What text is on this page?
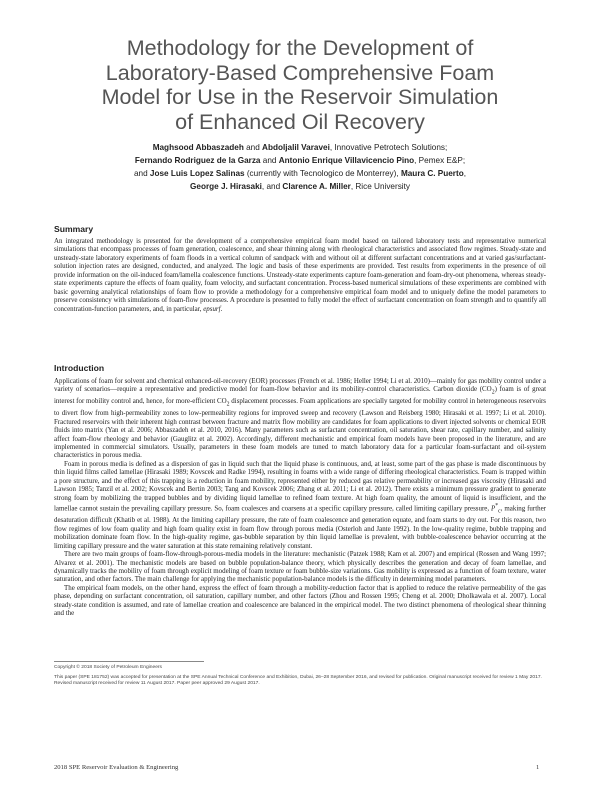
Methodology for the Development of
Laboratory-Based Comprehensive Foam
Model for Use in the Reservoir Simulation
of Enhanced Oil Recovery
Maghsood Abbaszadeh and Abdoljalil Varavei, Innovative Petrotech Solutions;
Fernando Rodriguez de la Garza and Antonio Enrique Villavicencio Pino, Pemex E&P;
and Jose Luis Lopez Salinas (currently with Tecnologico de Monterrey), Maura C. Puerto,
George J. Hirasaki, and Clarence A. Miller, Rice University
Summary

An integrated methodology is presented for the development of a comprehensive empirical foam model based on tailored laboratory tests and representative numerical simulations that encompass processes of foam generation, coalescence, and shear thinning along with rheological characteristics and associated flow regimes. Steady-state and unsteady-state laboratory experiments of foam floods in a vertical column of sandpack with and without oil at different surfactant concentrations and at varied gas/surfactant-solution injection rates are designed, conducted, and analyzed. The logic and basis of these experiments are provided. Test results from experiments in the presence of oil provide information on the oil-induced foam/lamella coalescence functions. Unsteady-state experiments capture foam-generation and foam-dry-out phenomena, whereas steady-state experiments capture the effects of foam quality, foam velocity, and surfactant concentration. Process-based numerical simulations of these experiments are combined with basic governing analytical relationships of foam flow to provide a methodology for a comprehensive empirical foam model and to uniquely define the model parameters to preserve consistency with simulations of foam-flow processes. A procedure is presented to fully model the effect of surfactant concentration on foam strength and to quantify all concentration-function parameters, and, in particular, epsurf.

Introduction

Applications of foam for solvent and chemical enhanced-oil-recovery (EOR) processes (French et al. 1986; Heller 1994; Li et al. 2010)—mainly for gas mobility control under a variety of scenarios—require a representative and predictive model for foam-flow behavior and its mobility-control characteristics. Carbon dioxide $(CO_2)$ foam is of great interest for mobility control and, hence, for more-efficient $CO_2$ displacement processes. Foam applications are specially targeted for mobility control in heterogeneous reservoirs to divert flow from high-permeability zones to low-permeability regions for improved sweep and recovery (Lawson and Reisberg 1980; Hirasaki et al. 1997; Li et al. 2010). Fractured reservoirs with their inherent high contrast between fracture and matrix flow mobility are candidates for foam applications to divert injected solvents or chemical EOR fluids into matrix (Yan et al. 2006; Abbaszadeh et al. 2010, 2016). Many parameters such as surfactant concentration, oil saturation, shear rate, capillary number, and salinity affect foam-flow rheology and behavior (Gauglitz et al. 2002). Accordingly, different mechanistic and empirical foam models have been proposed in the literature, and are implemented in commercial simulators. Usually, parameters in these foam models are tuned to match laboratory data for a particular foam-surfactant and oil-system characteristics in porous media.

Foam in porous media is defined as a dispersion of gas in liquid such that the liquid phase is continuous, and, at least, some part of the gas phase is made discontinuous by thin liquid films called lamellae (Hirasaki 1989; Kovscek and Radke 1994), resulting in foams with a wide range of differing rheological characteristics. Foam is trapped within a pore structure, and the effect of this trapping is a reduction in foam mobility, represented either by reduced gas relative permeability or increased gas viscosity (Hirasaki and Lawson 1985; Tanzil et al. 2002; Kovscek and Bertin 2003; Tang and Kovscek 2006; Zhang et al. 2011; Li et al. 2012). There exists a minimum pressure gradient to generate strong foam by mobilizing the trapped bubbles and by dividing liquid lamellae to refined foam texture. At high foam quality, the amount of liquid is insufficient, and the lamellae cannot sustain the prevailing capillary pressure. So, foam coalesces and coarsens at a specific capillary pressure, called limiting capillary pressure, $P^*_c$, making further desaturation difficult (Khatib et al. 1988). At the limiting capillary pressure, the rate of foam coalescence and generation equate, and foam starts to dry out. For this reason, two flow regimes of low foam quality and high foam quality exist in foam flow through porous media (Osterloh and Jante 1992). In the low-quality regime, bubble trapping and mobilization dominate foam flow. In the high-quality regime, gas-bubble separation by thin liquid lamellae is prevalent, with bubble-coalescence behavior occurring at the limiting capillary pressure and the water saturation at this state remaining relatively constant.

There are two main groups of foam-flow-through-porous-media models in the literature: mechanistic (Patzek 1988; Kam et al. 2007) and empirical (Rossen and Wang 1997; Alvarez et al. 2001). The mechanistic models are based on bubble population-balance theory, which physically describes the generation and decay of foam lamellae, and dynamically tracks the mobility of foam through explicit modeling of foam texture or foam bubble-size variations. Gas mobility is expressed as a function of foam texture, water saturation, and other factors. The main challenge for applying the mechanistic population-balance models is the difficulty in determining model parameters.

The empirical foam models, on the other hand, express the effect of foam through a mobility-reduction factor that is applied to reduce the relative permeability of the gas phase, depending on surfactant concentration, oil saturation, capillary number, and other factors (Zhou and Rossen 1995; Cheng et al. 2000; Dholkawala et al. 2007). Local steady-state condition is assumed, and rate of lamellae creation and coalescence are balanced in the empirical model. The two distinct phenomena of rheological shear thinning and the

Copyright © 2018 Society of Petroleum Engineers

This paper (SPE 181752) was accepted for presentation at the SPE Annual Technical Conference and Exhibition, Dubai, 26–28 September 2016, and revised for publication. Original manuscript received for review 1 May 2017. Revised manuscript received for review 11 August 2017. Paper peer approved 29 August 2017.

2018 SPE Reservoir Evaluation & Engineering	1
